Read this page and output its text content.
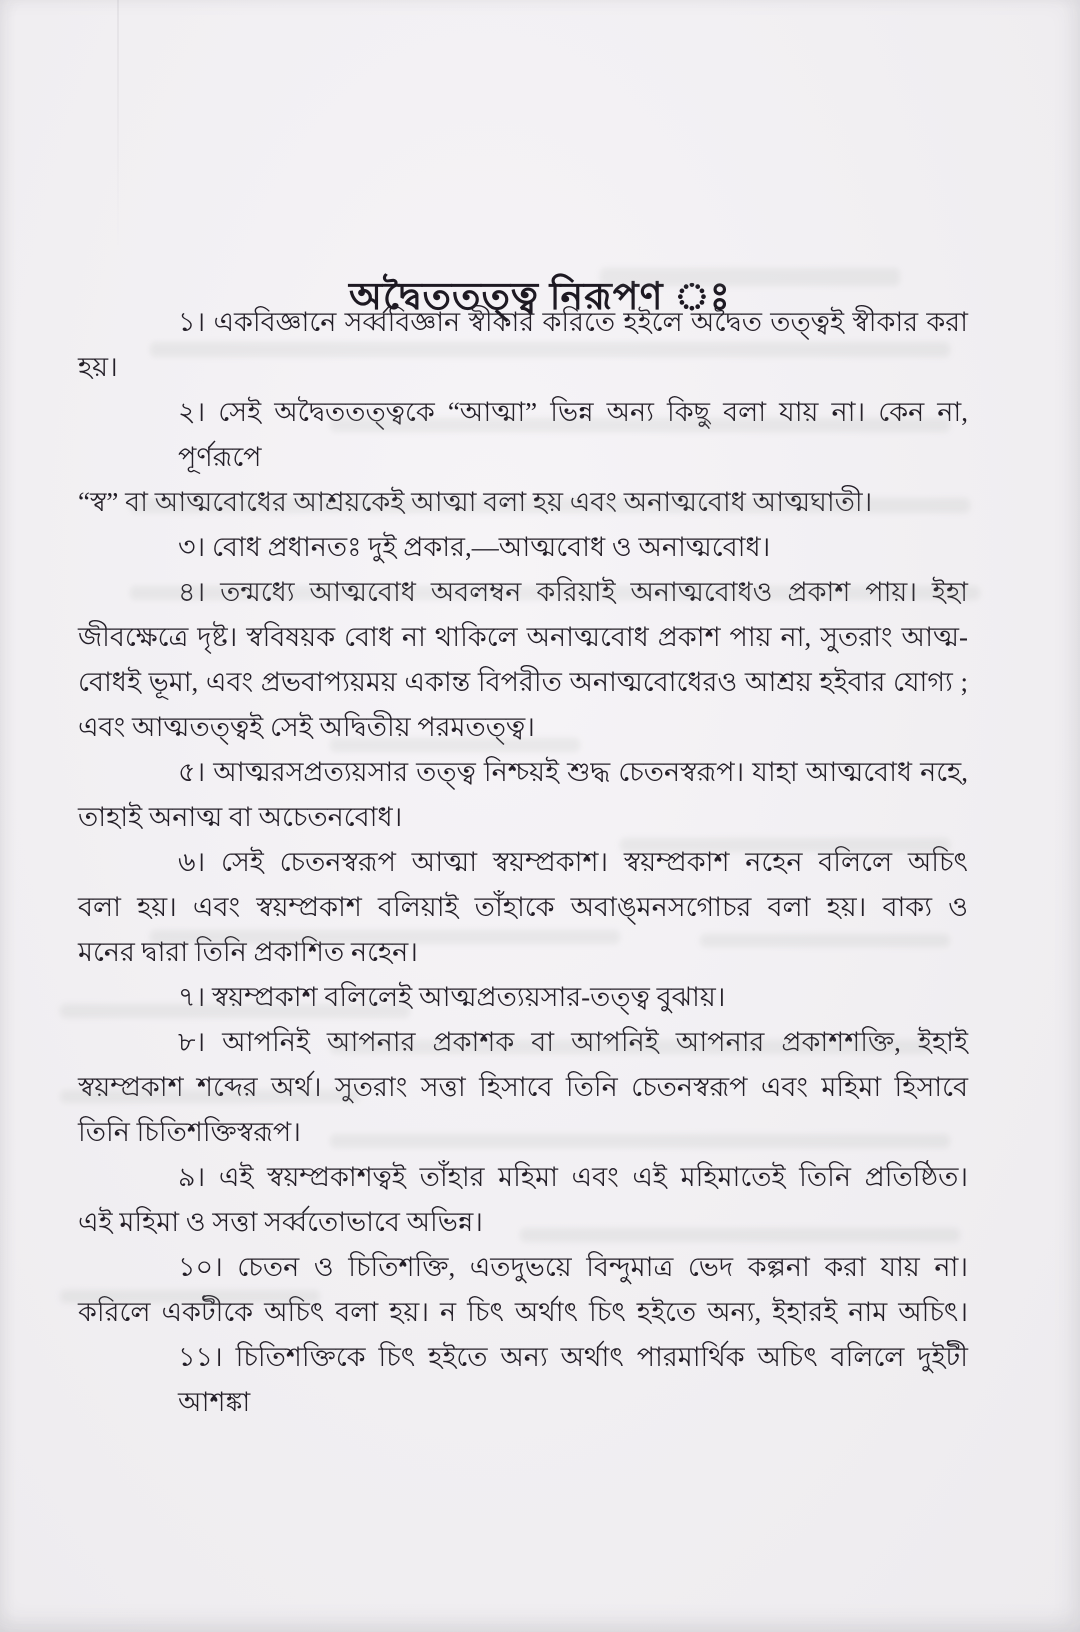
অদ্বৈততত্ত্ব নিরূপণ ঃ
১। একবিজ্ঞানে সর্ব্ববিজ্ঞান স্বীকার করিতে হইলে অদ্বৈত তত্ত্বই স্বীকার করা
হয়।
২। সেই অদ্বৈততত্ত্বকে “আত্মা” ভিন্ন অন্য কিছু বলা যায় না। কেন না, পূর্ণরূপে
“স্ব” বা আত্মবোধের আশ্রয়কেই আত্মা বলা হয় এবং অনাত্মবোধ আত্মঘাতী।
৩। বোধ প্রধানতঃ দুই প্রকার,—আত্মবোধ ও অনাত্মবোধ।
৪। তন্মধ্যে আত্মবোধ অবলম্বন করিয়াই অনাত্মবোধও প্রকাশ পায়। ইহা
জীবক্ষেত্রে দৃষ্ট। স্ববিষয়ক বোধ না থাকিলে অনাত্মবোধ প্রকাশ পায় না, সুতরাং আত্ম-
বোধই ভূমা, এবং প্রভবাপ্যয়ময় একান্ত বিপরীত অনাত্মবোধেরও আশ্রয় হইবার যোগ্য ;
এবং আত্মতত্ত্বই সেই অদ্বিতীয় পরমতত্ত্ব।
৫। আত্মরসপ্রত্যয়সার তত্ত্ব নিশ্চয়ই শুদ্ধ চেতনস্বরূপ। যাহা আত্মবোধ নহে,
তাহাই অনাত্ম বা অচেতনবোধ।
৬। সেই চেতনস্বরূপ আত্মা স্বয়ম্প্রকাশ। স্বয়ম্প্রকাশ নহেন বলিলে অচিৎ
বলা হয়। এবং স্বয়ম্প্রকাশ বলিয়াই তাঁহাকে অবাঙ্‌মনসগোচর বলা হয়। বাক্য ও
মনের দ্বারা তিনি প্রকাশিত নহেন।
৭। স্বয়ম্প্রকাশ বলিলেই আত্মপ্রত্যয়সার-তত্ত্ব বুঝায়।
৮। আপনিই আপনার প্রকাশক বা আপনিই আপনার প্রকাশশক্তি, ইহাই
স্বয়ম্প্রকাশ শব্দের অর্থ। সুতরাং সত্তা হিসাবে তিনি চেতনস্বরূপ এবং মহিমা হিসাবে
তিনি চিতিশক্তিস্বরূপ।
৯। এই স্বয়ম্প্রকাশত্বই তাঁহার মহিমা এবং এই মহিমাতেই তিনি প্রতিষ্ঠিত।
এই মহিমা ও সত্তা সর্ব্বতোভাবে অভিন্ন।
১০। চেতন ও চিতিশক্তি, এতদুভয়ে বিন্দুমাত্র ভেদ কল্পনা করা যায় না।
করিলে একটীকে অচিৎ বলা হয়। ন চিৎ অর্থাৎ চিৎ হইতে অন্য, ইহারই নাম অচিৎ।
১১। চিতিশক্তিকে চিৎ হইতে অন্য অর্থাৎ পারমার্থিক অচিৎ বলিলে দুইটী আশঙ্কা
